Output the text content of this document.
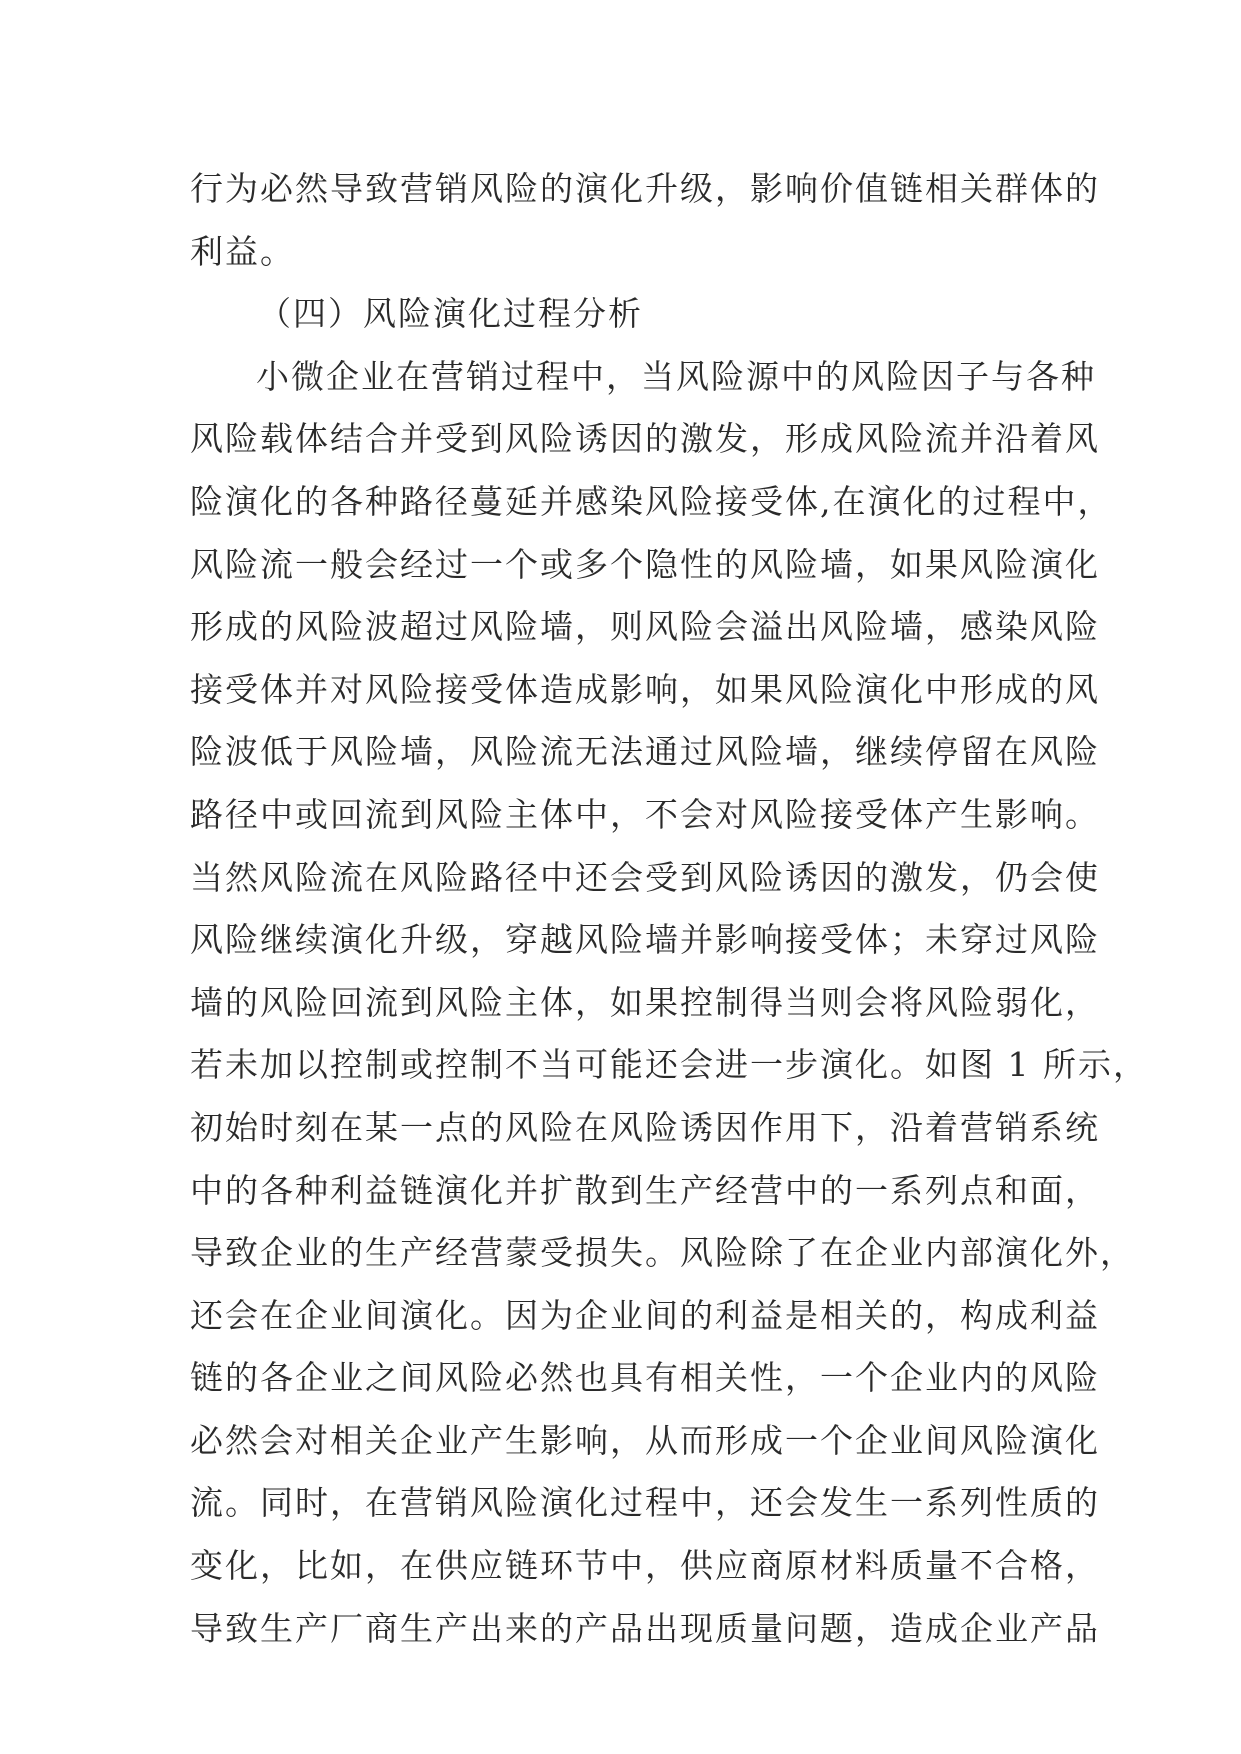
行为必然导致营销风险的演化升级，影响价值链相关群体的
利益。
（四）风险演化过程分析
小微企业在营销过程中，当风险源中的风险因子与各种
风险载体结合并受到风险诱因的激发，形成风险流并沿着风
险演化的各种路径蔓延并感染风险接受体,在演化的过程中，
风险流一般会经过一个或多个隐性的风险墙，如果风险演化
形成的风险波超过风险墙，则风险会溢出风险墙，感染风险
接受体并对风险接受体造成影响，如果风险演化中形成的风
险波低于风险墙，风险流无法通过风险墙，继续停留在风险
路径中或回流到风险主体中，不会对风险接受体产生影响。
当然风险流在风险路径中还会受到风险诱因的激发，仍会使
风险继续演化升级，穿越风险墙并影响接受体；未穿过风险
墙的风险回流到风险主体，如果控制得当则会将风险弱化，
若未加以控制或控制不当可能还会进一步演化。如图 1 所示，
初始时刻在某一点的风险在风险诱因作用下，沿着营销系统
中的各种利益链演化并扩散到生产经营中的一系列点和面，
导致企业的生产经营蒙受损失。风险除了在企业内部演化外，
还会在企业间演化。因为企业间的利益是相关的，构成利益
链的各企业之间风险必然也具有相关性，一个企业内的风险
必然会对相关企业产生影响，从而形成一个企业间风险演化
流。同时，在营销风险演化过程中，还会发生一系列性质的
变化，比如，在供应链环节中，供应商原材料质量不合格，
导致生产厂商生产出来的产品出现质量问题，造成企业产品
